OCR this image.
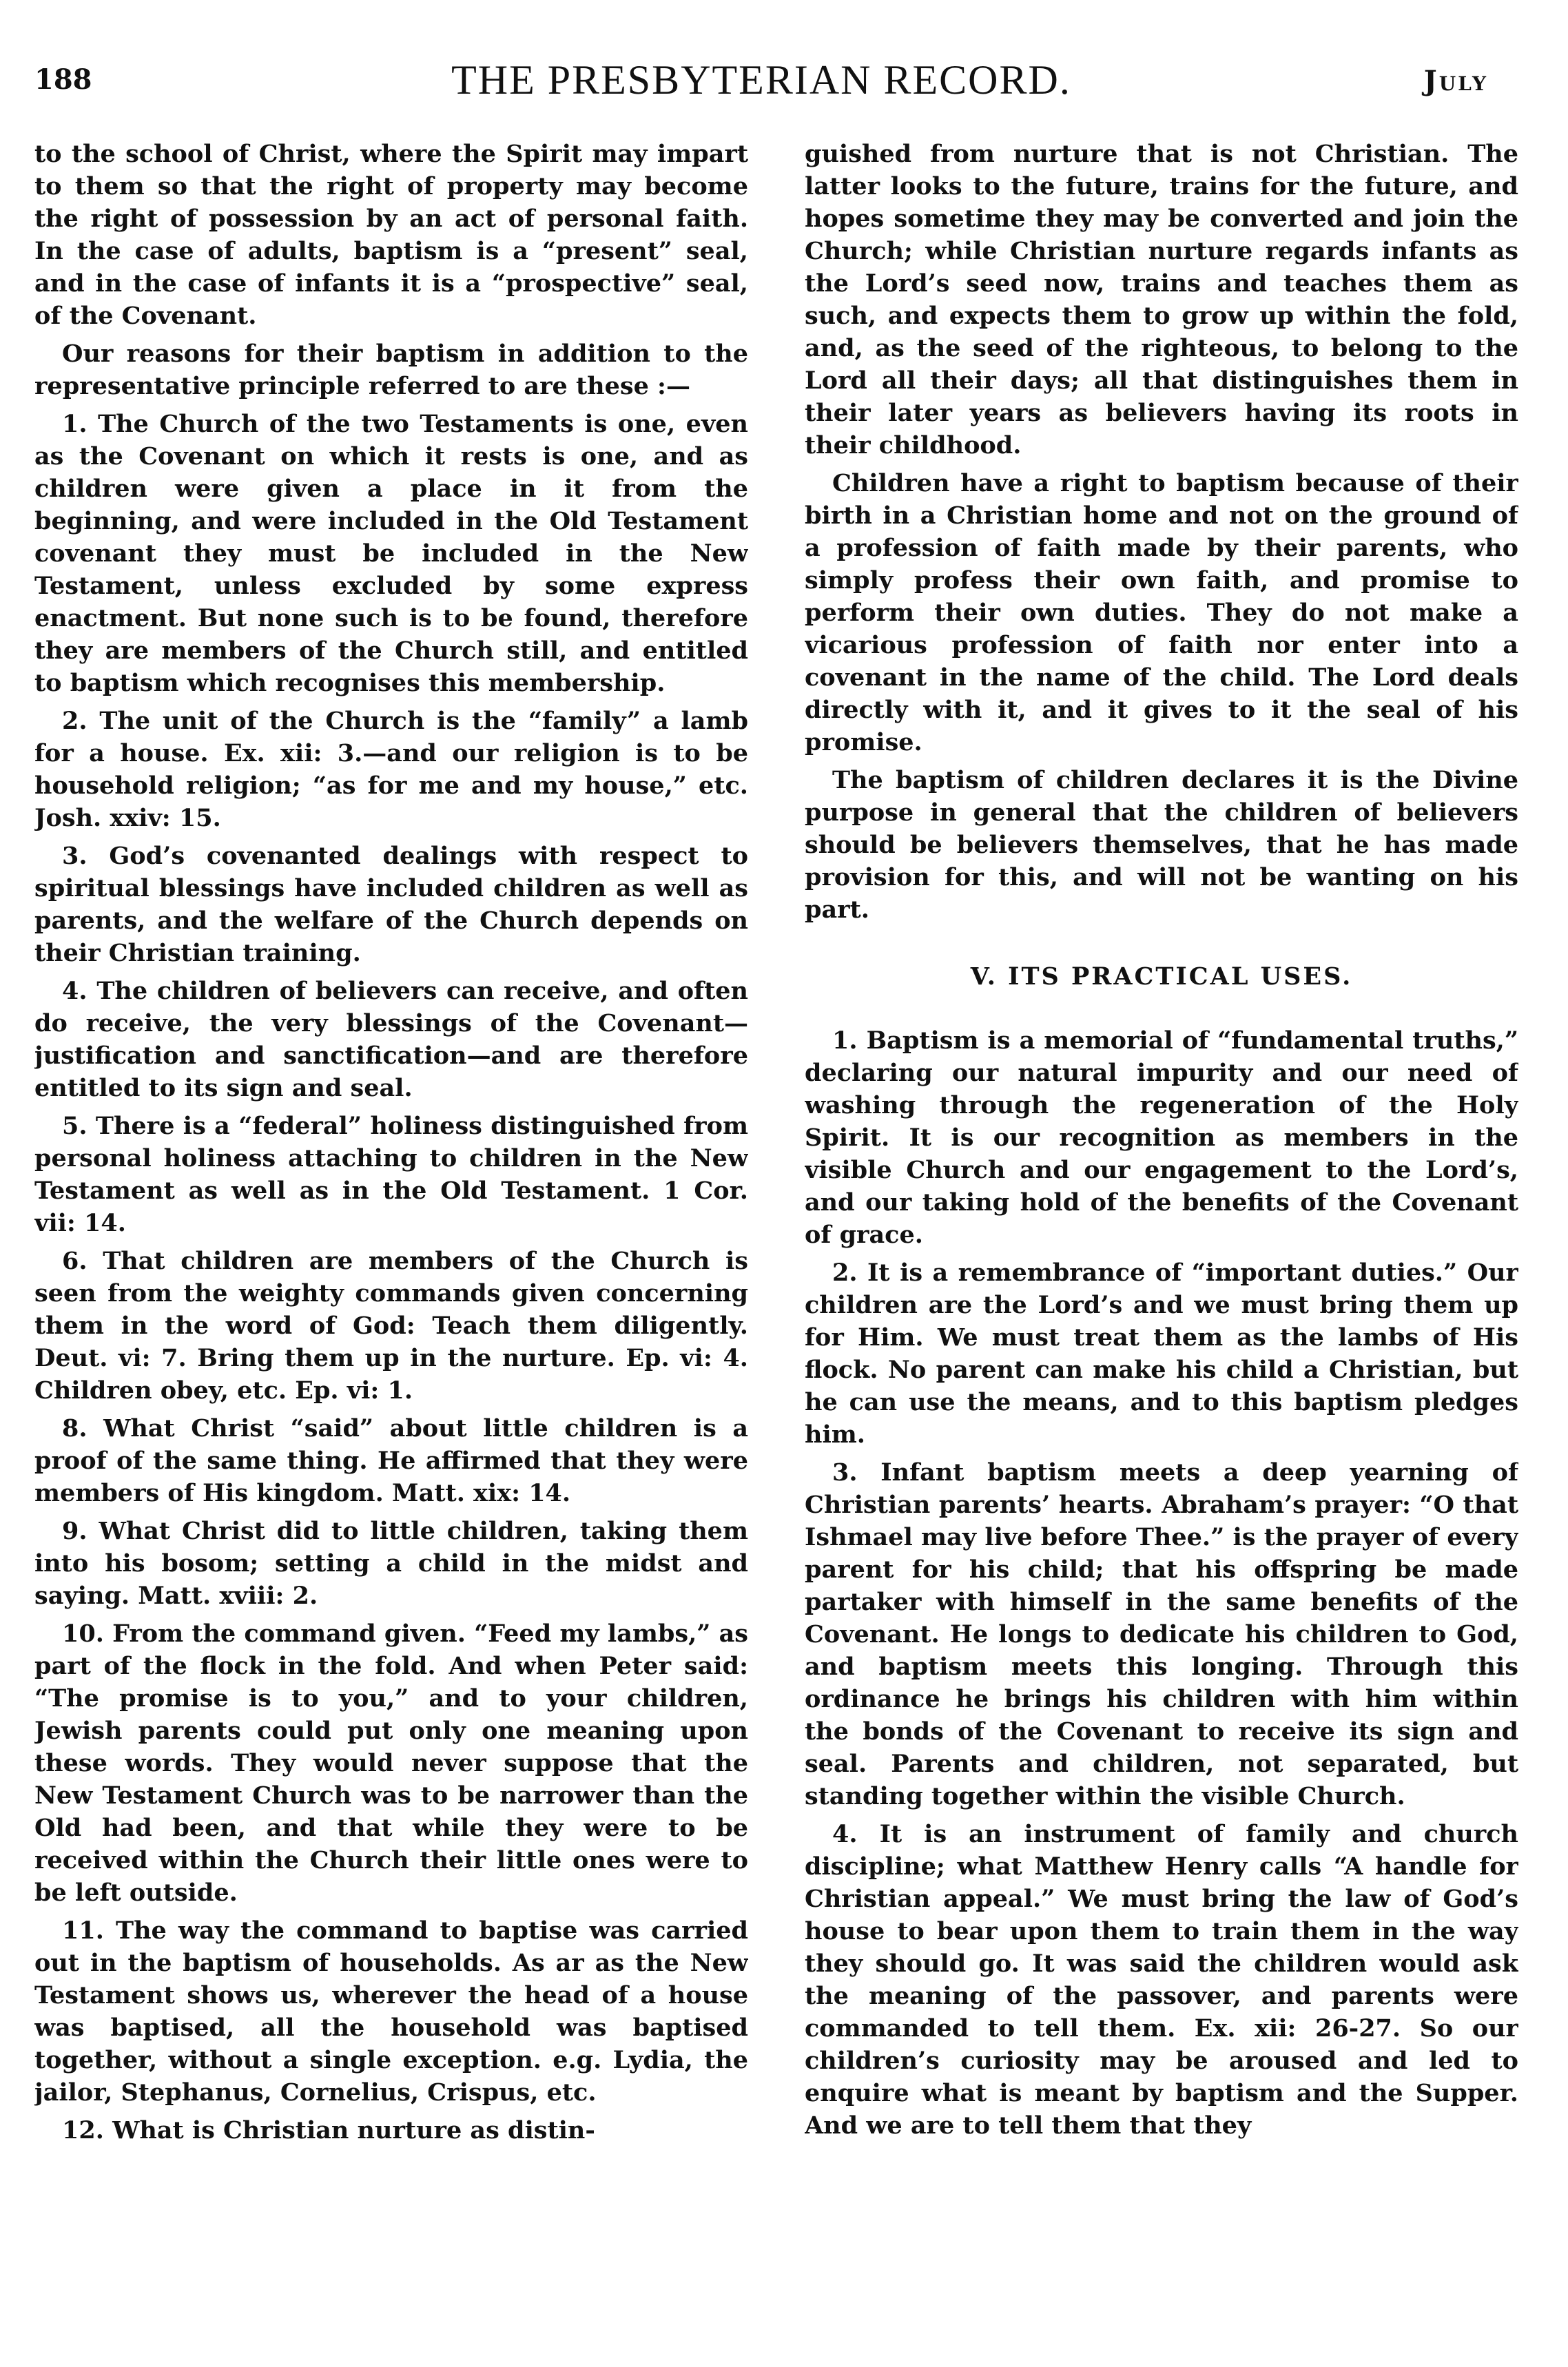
188	THE PRESBYTERIAN RECORD.	July

to the school of Christ, where the Spirit may impart to them so that the right of property may become the right of possession by an act of personal faith. In the case of adults, baptism is a “present” seal, and in the case of infants it is a “prospective” seal, of the Covenant.

Our reasons for their baptism in addition to the representative principle referred to are these :—

1. The Church of the two Testaments is one, even as the Covenant on which it rests is one, and as children were given a place in it from the beginning, and were included in the Old Testament covenant they must be included in the New Testament, unless excluded by some express enactment. But none such is to be found, therefore they are members of the Church still, and entitled to baptism which recognises this membership.

2. The unit of the Church is the “family” a lamb for a house. Ex. xii: 3.—and our religion is to be household religion; “as for me and my house,” etc. Josh. xxiv: 15.

3. God’s covenanted dealings with respect to spiritual blessings have included children as well as parents, and the welfare of the Church depends on their Christian training.

4. The children of believers can receive, and often do receive, the very blessings of the Covenant—justification and sanctification—and are therefore entitled to its sign and seal.

5. There is a “federal” holiness distinguished from personal holiness attaching to children in the New Testament as well as in the Old Testament. 1 Cor. vii: 14.

6. That children are members of the Church is seen from the weighty commands given concerning them in the word of God: Teach them diligently. Deut. vi: 7. Bring them up in the nurture. Ep. vi: 4. Children obey, etc. Ep. vi: 1.

8. What Christ “said” about little children is a proof of the same thing. He affirmed that they were members of His kingdom. Matt. xix: 14.

9. What Christ did to little children, taking them into his bosom; setting a child in the midst and saying. Matt. xviii: 2.

10. From the command given. “Feed my lambs,” as part of the flock in the fold. And when Peter said: “The promise is to you,” and to your children, Jewish parents could put only one meaning upon these words. They would never suppose that the New Testament Church was to be narrower than the Old had been, and that while they were to be received within the Church their little ones were to be left outside.

11. The way the command to baptise was carried out in the baptism of households. As ar as the New Testament shows us, wherever the head of a house was baptised, all the household was baptised together, without a single exception. e.g. Lydia, the jailor, Stephanus, Cornelius, Crispus, etc.

12. What is Christian nurture as distin-

guished from nurture that is not Christian. The latter looks to the future, trains for the future, and hopes sometime they may be converted and join the Church; while Christian nurture regards infants as the Lord’s seed now, trains and teaches them as such, and expects them to grow up within the fold, and, as the seed of the righteous, to belong to the Lord all their days; all that distinguishes them in their later years as believers having its roots in their childhood.

Children have a right to baptism because of their birth in a Christian home and not on the ground of a profession of faith made by their parents, who simply profess their own faith, and promise to perform their own duties. They do not make a vicarious profession of faith nor enter into a covenant in the name of the child. The Lord deals directly with it, and it gives to it the seal of his promise.

The baptism of children declares it is the Divine purpose in general that the children of believers should be believers themselves, that he has made provision for this, and will not be wanting on his part.

V. ITS PRACTICAL USES.

1. Baptism is a memorial of “fundamental truths,” declaring our natural impurity and our need of washing through the regeneration of the Holy Spirit. It is our recognition as members in the visible Church and our engagement to the Lord’s, and our taking hold of the benefits of the Covenant of grace.

2. It is a remembrance of “important duties.” Our children are the Lord’s and we must bring them up for Him. We must treat them as the lambs of His flock. No parent can make his child a Christian, but he can use the means, and to this baptism pledges him.

3. Infant baptism meets a deep yearning of Christian parents’ hearts. Abraham’s prayer: “O that Ishmael may live before Thee.” is the prayer of every parent for his child; that his offspring be made partaker with himself in the same benefits of the Covenant. He longs to dedicate his children to God, and baptism meets this longing. Through this ordinance he brings his children with him within the bonds of the Covenant to receive its sign and seal. Parents and children, not separated, but standing together within the visible Church.

4. It is an instrument of family and church discipline; what Matthew Henry calls “A handle for Christian appeal.” We must bring the law of God’s house to bear upon them to train them in the way they should go. It was said the children would ask the meaning of the passover, and parents were commanded to tell them. Ex. xii: 26-27. So our children’s curiosity may be aroused and led to enquire what is meant by baptism and the Supper. And we are to tell them that they
